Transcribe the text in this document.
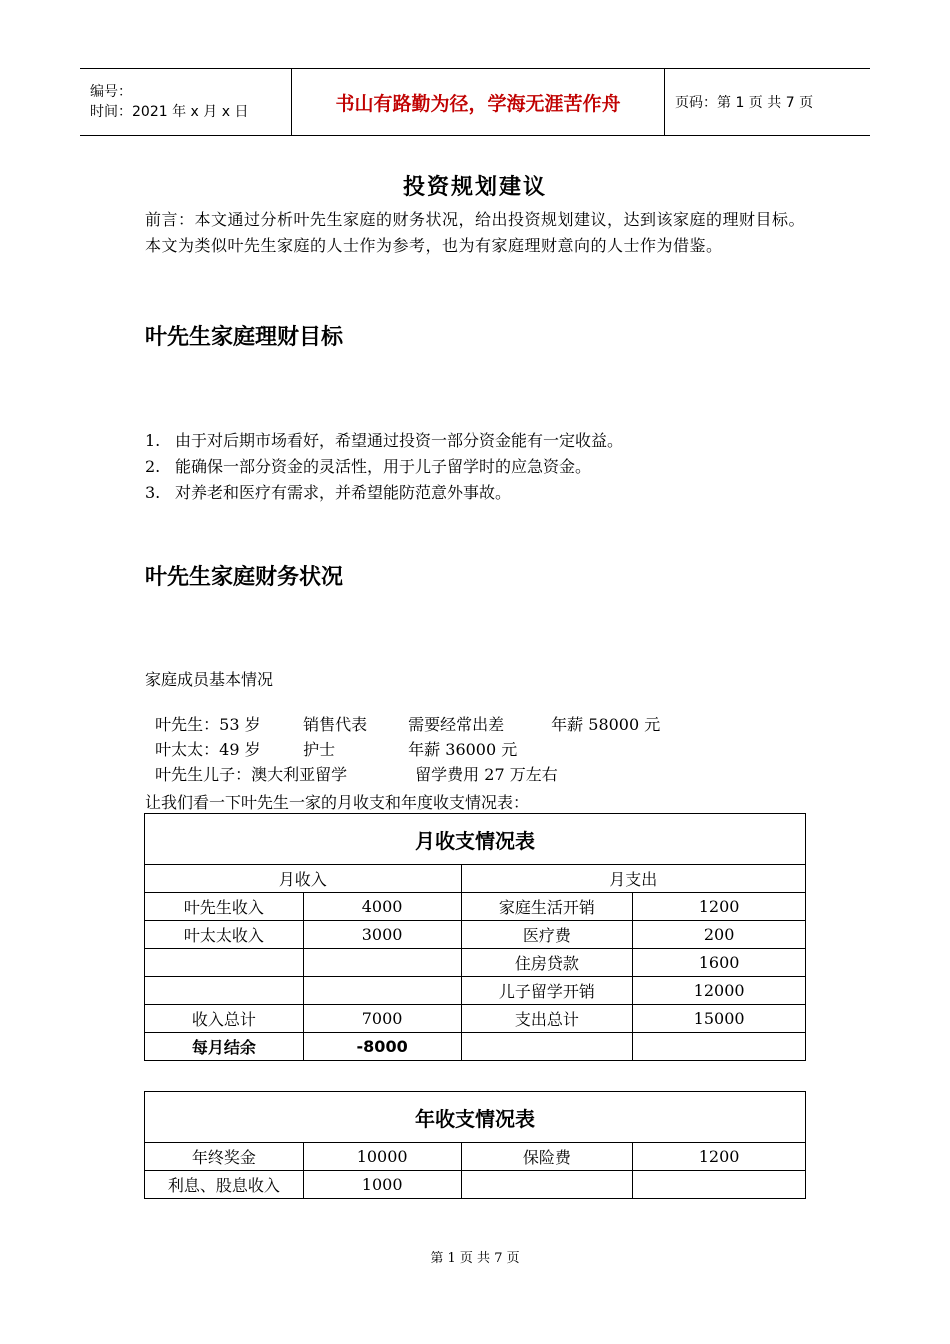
编号：
时间：2021 年 x 月 x 日	书山有路勤为径，学海无涯苦作舟	页码：第 1 页 共 7 页
投资规划建议
前言：本文通过分析叶先生家庭的财务状况，给出投资规划建议，达到该家庭的理财目标。本文为类似叶先生家庭的人士作为参考，也为有家庭理财意向的人士作为借鉴。
叶先生家庭理财目标
1. 由于对后期市场看好，希望通过投资一部分资金能有一定收益。
2. 能确保一部分资金的灵活性，用于儿子留学时的应急资金。
3. 对养老和医疗有需求，并希望能防范意外事故。
叶先生家庭财务状况
家庭成员基本情况

叶先生：53 岁	销售代表	需要经常出差	年薪 58000 元

叶太太：49 岁	护士	年薪 36000 元

叶先生儿子：澳大利亚留学	留学费用 27 万左右

让我们看一下叶先生一家的月收支和年度收支情况表：
月收支情况表			
月收入		月支出	
叶先生收入	4000	家庭生活开销	1200
叶太太收入	3000	医疗费	200
		住房贷款	1600
		儿子留学开销	12000
收入总计	7000	支出总计	15000
每月结余	-8000		
年收支情况表			
年终奖金	10000	保险费	1200
利息、股息收入	1000		
第 1 页 共 7 页
